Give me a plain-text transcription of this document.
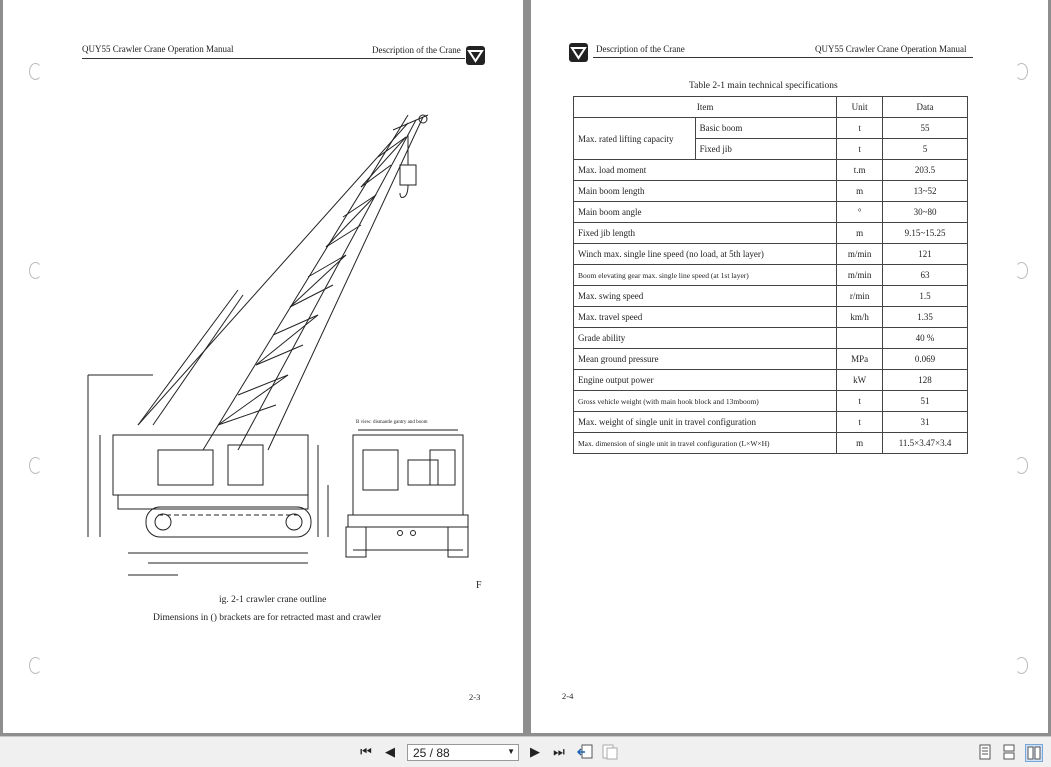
QUY55 Crawler Crane Operation Manual	Description of the Crane
B view: dismantle gantry and boom
F
ig. 2-1 crawler crane outline
Dimensions in () brackets are for retracted mast and crawler
2-3
Description of the Crane	QUY55 Crawler Crane Operation Manual
Table 2-1 main technical specifications
Item		Unit	Data
Max. rated lifting capacity	Basic boom	t	55
	Fixed jib	t	5
Max. load moment		t.m	203.5
Main boom length		m	13~52
Main boom angle		°	30~80
Fixed jib length		m	9.15~15.25
Winch max. single line speed (no load, at 5th layer)		m/min	121
Boom elevating gear max. single line speed (at 1st layer)		m/min	63
Max. swing speed		r/min	1.5
Max. travel speed		km/h	1.35
Grade ability			40 %
Mean ground pressure		MPa	0.069
Engine output power		kW	128
Gross vehicle weight (with main hook block and 13mboom)		t	51
Max. weight of single unit in travel configuration		t	31
Max. dimension of single unit in travel configuration (L×W×H)		m	11.5×3.47×3.4
2-4
⏮ ◀ 25 / 88	▼ ▶ ⏭
